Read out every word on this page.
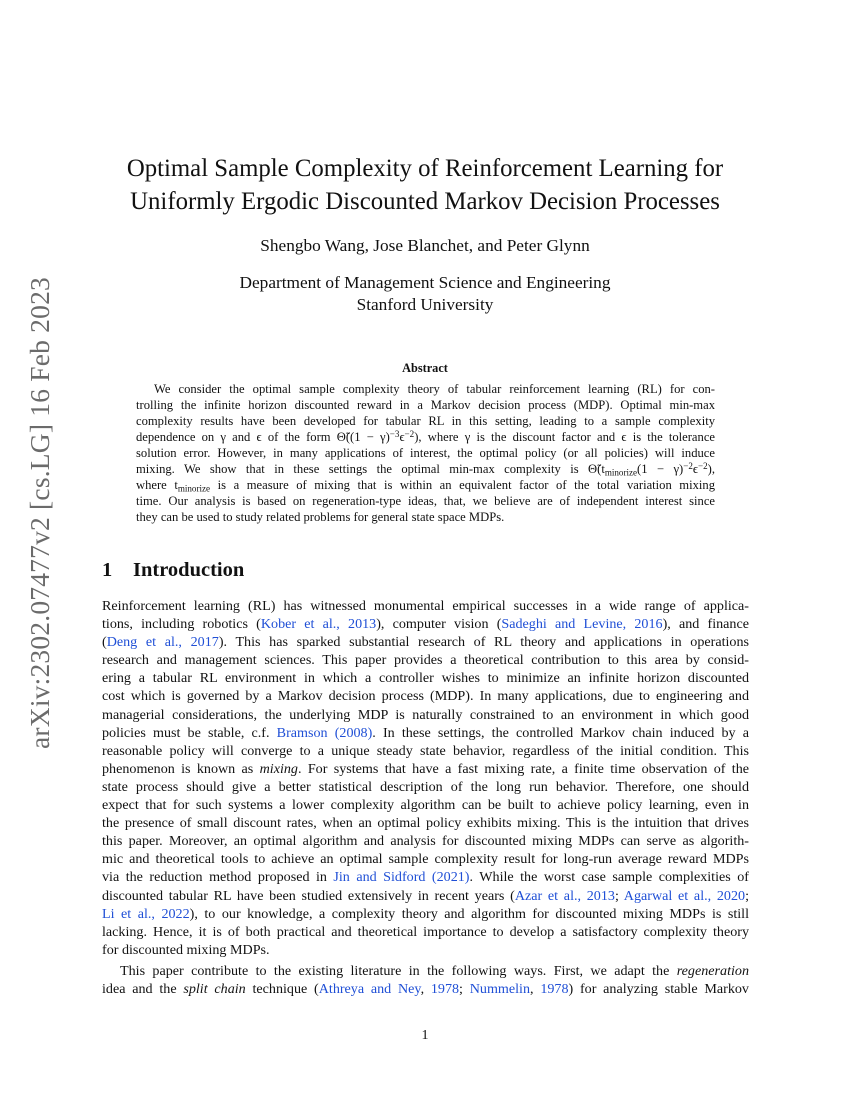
arXiv:2302.07477v2 [cs.LG] 16 Feb 2023
Optimal Sample Complexity of Reinforcement Learning for
Uniformly Ergodic Discounted Markov Decision Processes
Shengbo Wang, Jose Blanchet, and Peter Glynn
Department of Management Science and Engineering
Stanford University
Abstract
We consider the optimal sample complexity theory of tabular reinforcement learning (RL) for con-
trolling the infinite horizon discounted reward in a Markov decision process (MDP). Optimal min-max
complexity results have been developed for tabular RL in this setting, leading to a sample complexity
dependence on γ and ϵ of the form Θ̃((1 − $\gamma)^{-3}\epsilon^{-2}$), where γ is the discount factor and ϵ is the tolerance
solution error. However, in many applications of interest, the optimal policy (or all policies) will induce
mixing. We show that in these settings the optimal min-max complexity is $\Thetã(t_{minorize}(1 - \gamma)^{-2}\epsilon^{-2})$,
where $t_{minorize}$ is a measure of mixing that is within an equivalent factor of the total variation mixing
time. Our analysis is based on regeneration-type ideas, that, we believe are of independent interest since
they can be used to study related problems for general state space MDPs.
1 Introduction
Reinforcement learning (RL) has witnessed monumental empirical successes in a wide range of applica-
tions, including robotics (Kober et al., 2013), computer vision (Sadeghi and Levine, 2016), and finance
(Deng et al., 2017). This has sparked substantial research of RL theory and applications in operations
research and management sciences. This paper provides a theoretical contribution to this area by consid-
ering a tabular RL environment in which a controller wishes to minimize an infinite horizon discounted
cost which is governed by a Markov decision process (MDP). In many applications, due to engineering and
managerial considerations, the underlying MDP is naturally constrained to an environment in which good
policies must be stable, c.f. Bramson (2008). In these settings, the controlled Markov chain induced by a
reasonable policy will converge to a unique steady state behavior, regardless of the initial condition. This
phenomenon is known as mixing. For systems that have a fast mixing rate, a finite time observation of the
state process should give a better statistical description of the long run behavior. Therefore, one should
expect that for such systems a lower complexity algorithm can be built to achieve policy learning, even in
the presence of small discount rates, when an optimal policy exhibits mixing. This is the intuition that drives
this paper. Moreover, an optimal algorithm and analysis for discounted mixing MDPs can serve as algorith-
mic and theoretical tools to achieve an optimal sample complexity result for long-run average reward MDPs
via the reduction method proposed in Jin and Sidford (2021). While the worst case sample complexities of
discounted tabular RL have been studied extensively in recent years (Azar et al., 2013; Agarwal et al., 2020;
Li et al., 2022), to our knowledge, a complexity theory and algorithm for discounted mixing MDPs is still
lacking. Hence, it is of both practical and theoretical importance to develop a satisfactory complexity theory
for discounted mixing MDPs.
This paper contribute to the existing literature in the following ways. First, we adapt the regeneration
idea and the split chain technique (Athreya and Ney, 1978; Nummelin, 1978) for analyzing stable Markov
1
